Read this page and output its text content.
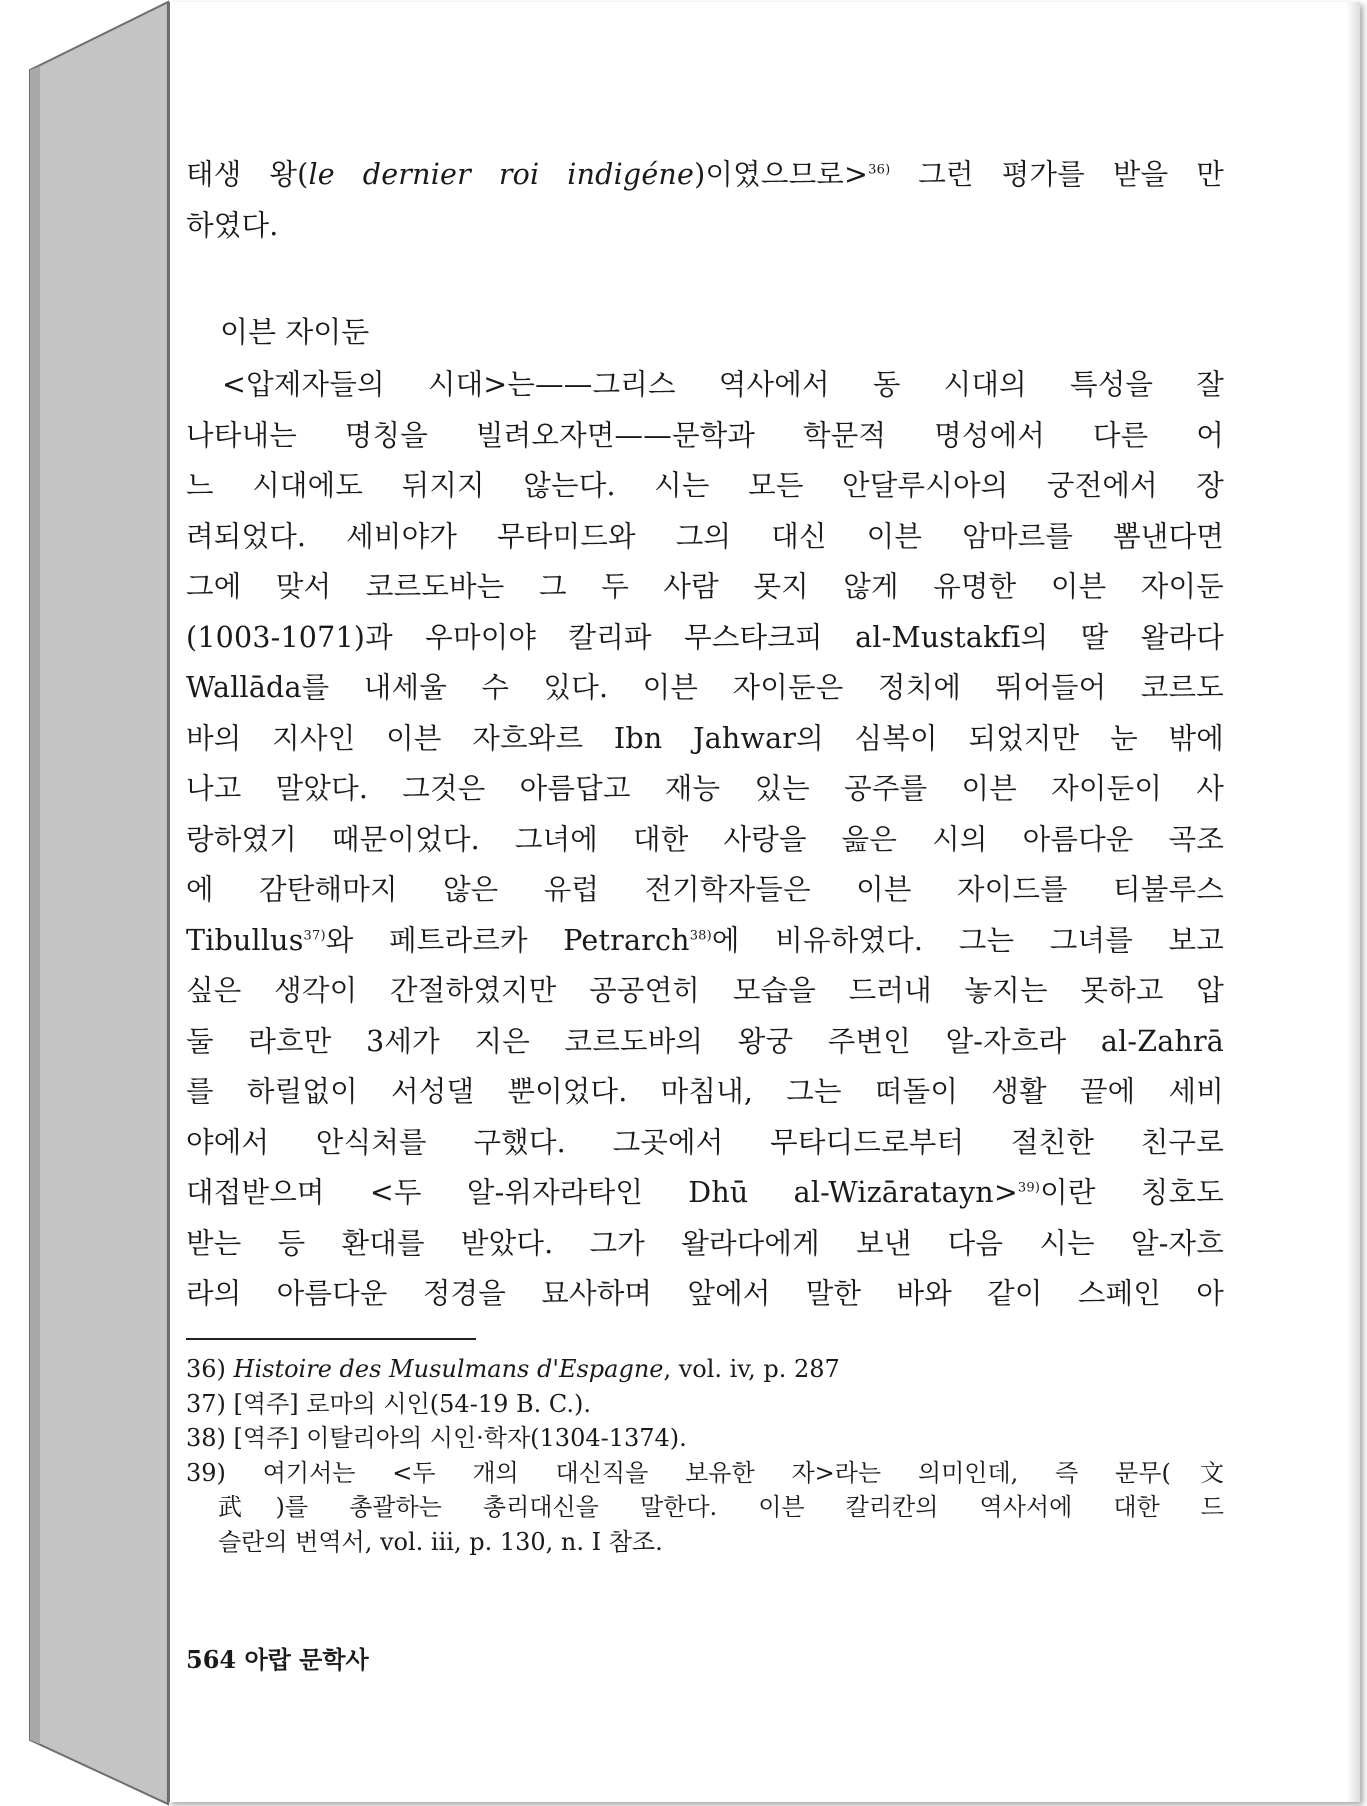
태생 왕(le dernier roi indigéne)이였으므로>$^{36)}$ 그런 평가를 받을 만
하였다.
이븐 자이둔
<압제자들의 시대>는——그리스 역사에서 동 시대의 특성을 잘
나타내는 명칭을 빌려오자면——문학과 학문적 명성에서 다른 어
느 시대에도 뒤지지 않는다. 시는 모든 안달루시아의 궁전에서 장
려되었다. 세비야가 무타미드와 그의 대신 이븐 암마르를 뽐낸다면
그에 맞서 코르도바는 그 두 사람 못지 않게 유명한 이븐 자이둔
(1003-1071)과 우마이야 칼리파 무스타크피 al-Mustakfī의 딸 왈라다
Wallāda를 내세울 수 있다. 이븐 자이둔은 정치에 뛰어들어 코르도
바의 지사인 이븐 자흐와르 Ibn Jahwar의 심복이 되었지만 눈 밖에
나고 말았다. 그것은 아름답고 재능 있는 공주를 이븐 자이둔이 사
랑하였기 때문이었다. 그녀에 대한 사랑을 읊은 시의 아름다운 곡조
에 감탄해마지 않은 유럽 전기학자들은 이븐 자이드를 티불루스
Tibullus$^{37)}$와 페트라르카 Petrarch$^{38)}$에 비유하였다. 그는 그녀를 보고
싶은 생각이 간절하였지만 공공연히 모습을 드러내 놓지는 못하고 압
둘 라흐만 3세가 지은 코르도바의 왕궁 주변인 알-자흐라 al-Zahrā
를 하릴없이 서성댈 뿐이었다. 마침내, 그는 떠돌이 생활 끝에 세비
야에서 안식처를 구했다. 그곳에서 무타디드로부터 절친한 친구로
대접받으며 <두 알-위자라타인 Dhū al-Wizāratayn>$^{39)}$이란 칭호도
받는 등 환대를 받았다. 그가 왈라다에게 보낸 다음 시는 알-자흐
라의 아름다운 정경을 묘사하며 앞에서 말한 바와 같이 스페인 아
36) Histoire des Musulmans d'Espagne, vol. iv, p. 287
37) [역주] 로마의 시인(54-19 B. C.).
38) [역주] 이탈리아의 시인·학자(1304-1374).
39) 여기서는 <두 개의 대신직을 보유한 자>라는 의미인데, 즉 문무(文
武)를 총괄하는 총리대신을 말한다. 이븐 칼리칸의 역사서에 대한 드
슬란의 번역서, vol. iii, p. 130, n. I 참조.
564 아랍 문학사
